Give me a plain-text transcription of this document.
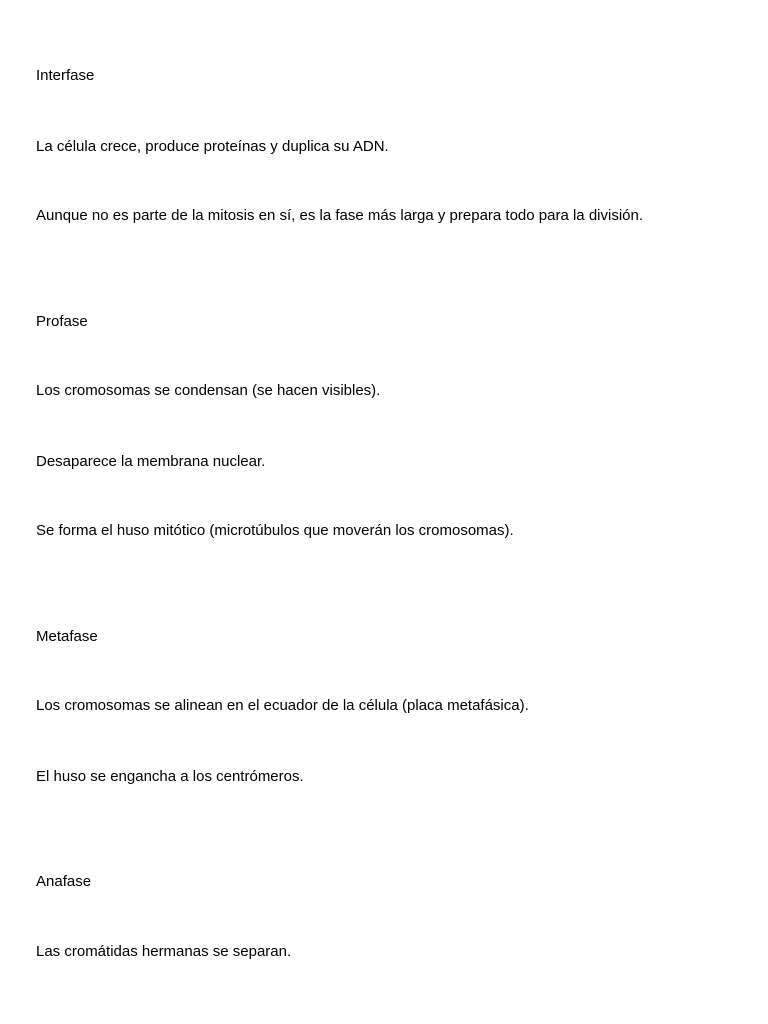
Interfase

La célula crece, produce proteínas y duplica su ADN.

Aunque no es parte de la mitosis en sí, es la fase más larga y prepara todo para la división.

Profase

Los cromosomas se condensan (se hacen visibles).

Desaparece la membrana nuclear.

Se forma el huso mitótico (microtúbulos que moverán los cromosomas).

Metafase

Los cromosomas se alinean en el ecuador de la célula (placa metafásica).

El huso se engancha a los centrómeros.

Anafase

Las cromátidas hermanas se separan.
